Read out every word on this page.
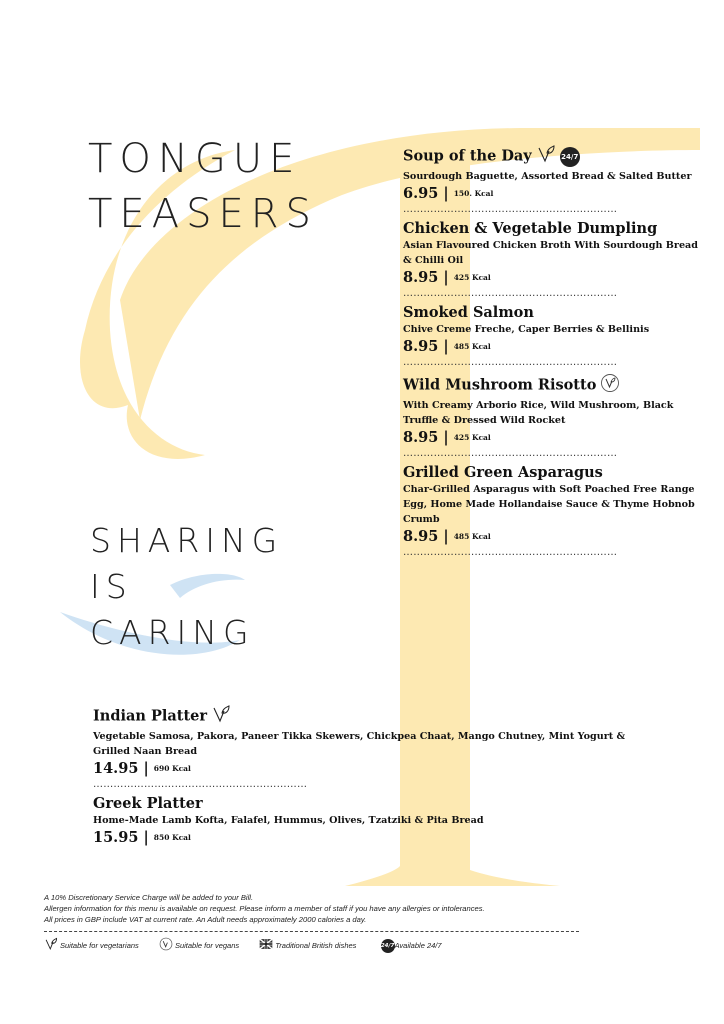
TONGUE
TEASERS
SHARING
IS
CARING
Soup of the Day	24/7
Sourdough Baguette, Assorted Bread & Salted Butter
6.95 | 150. Kcal
………………………………………………………
Chicken & Vegetable Dumpling
Asian Flavoured Chicken Broth With Sourdough Bread & Chilli Oil
8.95 | 425 Kcal
………………………………………………………
Smoked Salmon
Chive Creme Freche, Caper Berries & Bellinis
8.95 | 485 Kcal
………………………………………………………
Wild Mushroom Risotto
With Creamy Arborio Rice, Wild Mushroom, Black Truffle & Dressed Wild Rocket
8.95 | 425 Kcal
………………………………………………………
Grilled Green Asparagus
Char-Grilled Asparagus with Soft Poached Free Range Egg, Home Made Hollandaise Sauce & Thyme Hobnob Crumb
8.95 | 485 Kcal
………………………………………………………
Indian Platter
Vegetable Samosa, Pakora, Paneer Tikka Skewers, Chickpea Chaat, Mango Chutney, Mint Yogurt & Grilled Naan Bread
14.95 | 690 Kcal
………………………………………………………
Greek Platter
Home-Made Lamb Kofta, Falafel, Hummus, Olives, Tzatziki & Pita Bread
15.95 | 850 Kcal
A 10% Discretionary Service Charge will be added to your Bill.
Allergen information for this menu is available on request. Please inform a member of staff if you have any allergies or intolerances.
All prices in GBP include VAT at current rate. An Adult needs approximately 2000 calories a day.
Suitable for vegetarians	Suitable for vegans	Traditional British dishes	24/7Available 24/7
